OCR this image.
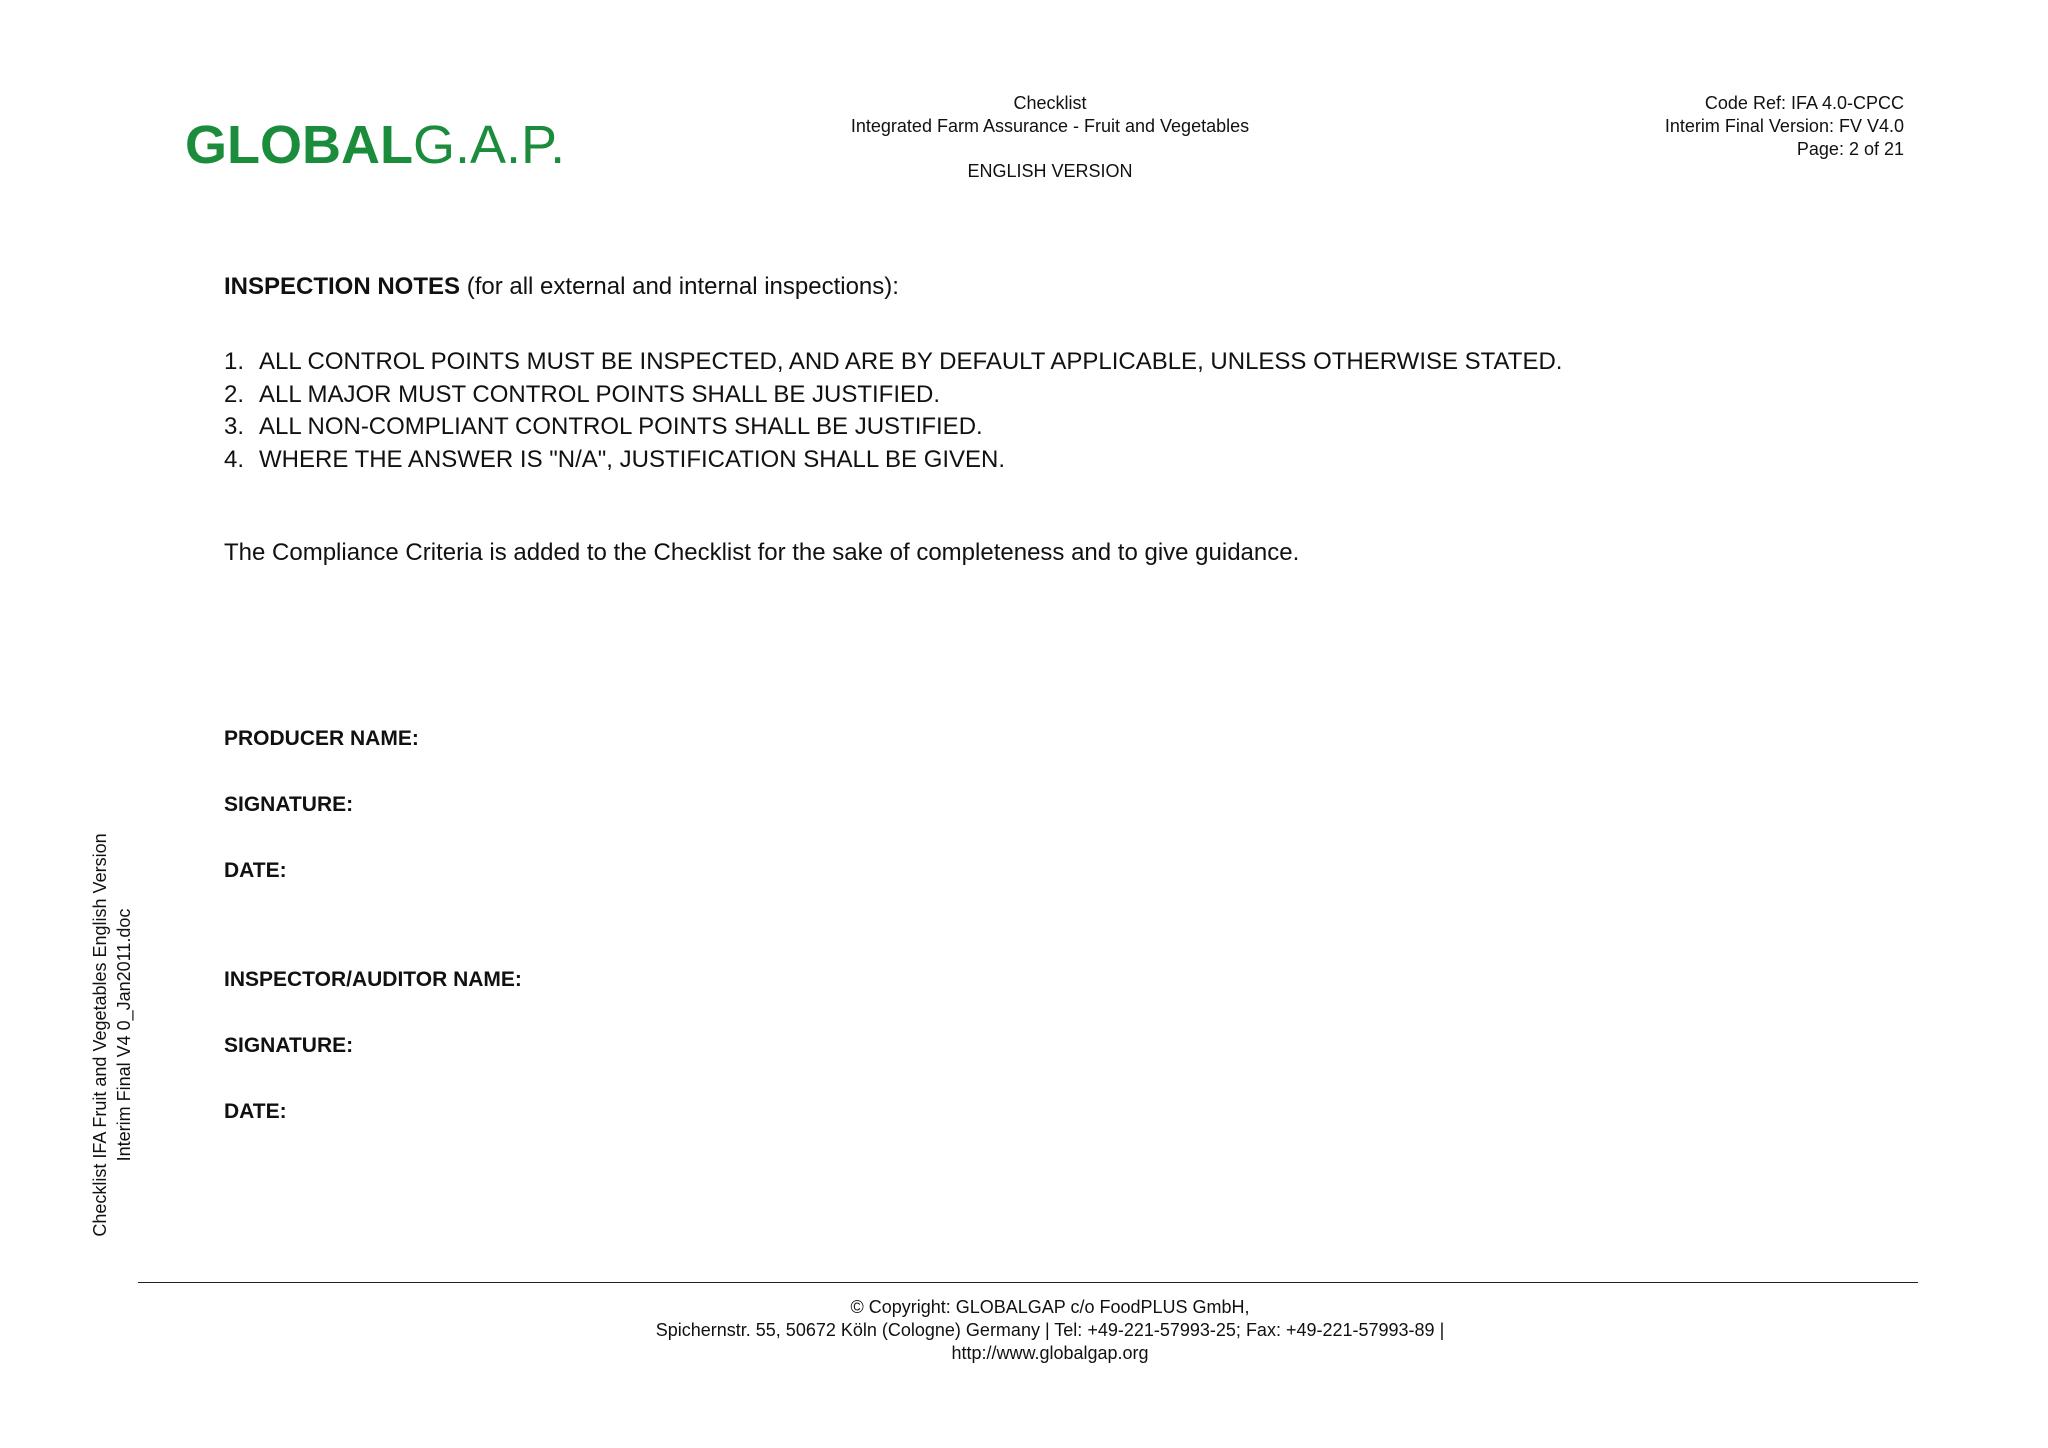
GLOBALG.A.P.
Checklist
Integrated Farm Assurance - Fruit and Vegetables
ENGLISH VERSION
Code Ref: IFA 4.0-CPCC
Interim Final Version: FV V4.0
Page: 2 of 21
Checklist IFA Fruit and Vegetables English Version Interim Final V4 0_Jan2011.doc
INSPECTION NOTES (for all external and internal inspections):
1. ALL CONTROL POINTS MUST BE INSPECTED, AND ARE BY DEFAULT APPLICABLE, UNLESS OTHERWISE STATED.
2. ALL MAJOR MUST CONTROL POINTS SHALL BE JUSTIFIED.
3. ALL NON-COMPLIANT CONTROL POINTS SHALL BE JUSTIFIED.
4. WHERE THE ANSWER IS "N/A", JUSTIFICATION SHALL BE GIVEN.
The Compliance Criteria is added to the Checklist for the sake of completeness and to give guidance.
PRODUCER NAME:
SIGNATURE:
DATE:
INSPECTOR/AUDITOR NAME:
SIGNATURE:
DATE:
© Copyright: GLOBALGAP c/o FoodPLUS GmbH,
Spichernstr. 55, 50672 Köln (Cologne) Germany | Tel: +49-221-57993-25; Fax: +49-221-57993-89 |
http://www.globalgap.org
